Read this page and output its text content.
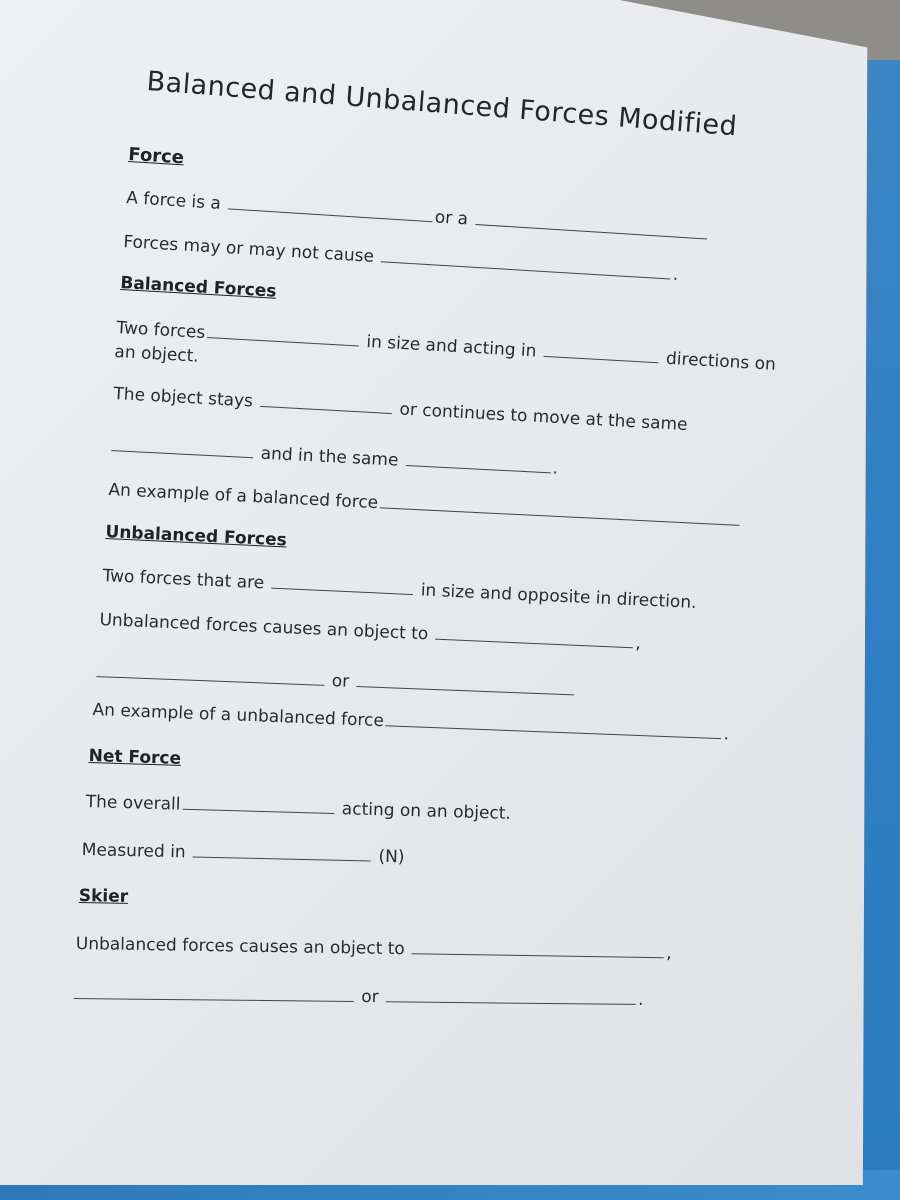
Balanced and Unbalanced Forces Modified
Force
A force is a or a
Forces may or may not cause .
Balanced Forces
Two forces in size and acting in  directions on
an object.
The object stays  or continues to move at the same
and in the same	.
An example of a balanced force
Unbalanced Forces
Two forces that are  in size and opposite in direction.
Unbalanced forces causes an object to	,
or
An example of a unbalanced force.
Net Force
The overall	acting on an object.
Measured in	(N)
Skier
Unbalanced forces causes an object to	,
or	.
